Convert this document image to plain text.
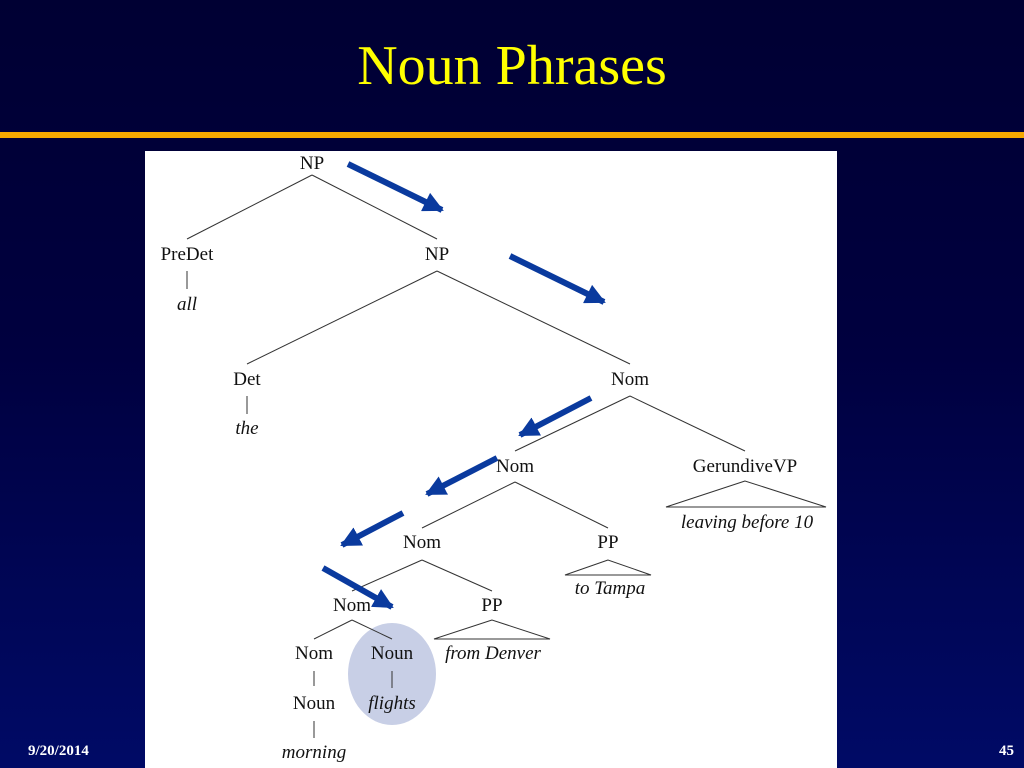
Noun Phrases
NP
PreDet
all
NP
Det
the
Nom
Nom	GerundiveVP
leaving before 10
Nom	PP
to Tampa
Nom	PP
from Denver
Nom Noun
flights
Noun
morning
9/20/2014	45
